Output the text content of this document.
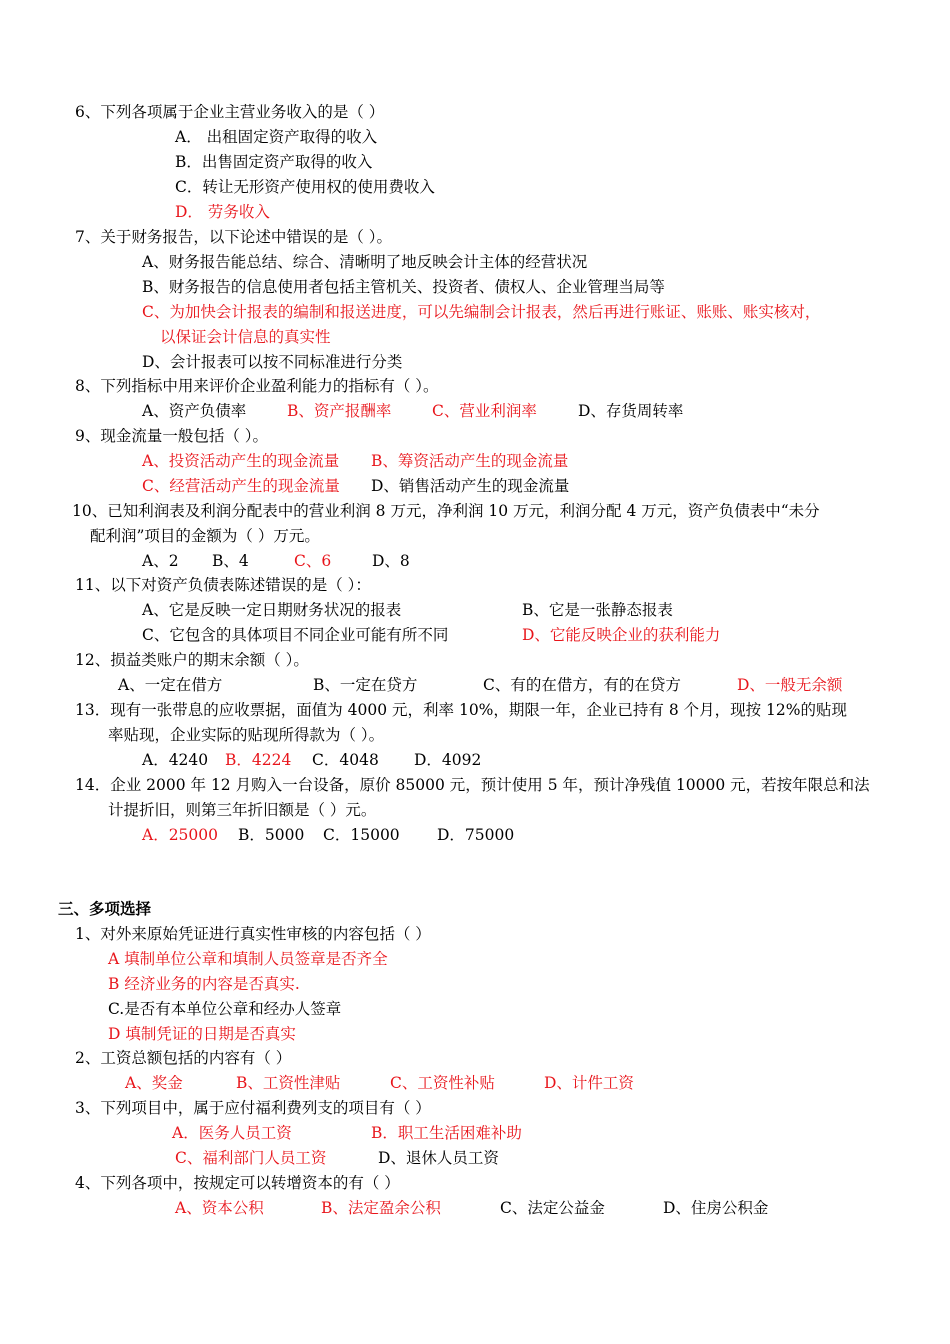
6、下列各项属于企业主营业务收入的是（ ）
A． 出租固定资产取得的收入
B．出售固定资产取得的收入
C．转让无形资产使用权的使用费收入
D． 劳务收入
7、关于财务报告，以下论述中错误的是（ ）。
A、财务报告能总结、综合、清晰明了地反映会计主体的经营状况
B、财务报告的信息使用者包括主管机关、投资者、债权人、企业管理当局等
C、为加快会计报表的编制和报送进度，可以先编制会计报表，然后再进行账证、账账、账实核对，
以保证会计信息的真实性
D、会计报表可以按不同标准进行分类
8、下列指标中用来评价企业盈利能力的指标有（ ）。
A、资产负债率	B、资产报酬率	C、营业利润率	D、存货周转率
9、现金流量一般包括（ ）。
A、投资活动产生的现金流量 B、筹资活动产生的现金流量
C、经营活动产生的现金流量 D、销售活动产生的现金流量
10、已知利润表及利润分配表中的营业利润 8 万元，净利润 10 万元，利润分配 4 万元，资产负债表中“未分
配利润”项目的金额为（ ）万元。
A、2 B、4	C、6	D、8
11、以下对资产负债表陈述错误的是（ ）：
A、它是反映一定日期财务状况的报表	B、它是一张静态报表
C、它包含的具体项目不同企业可能有所不同	D、它能反映企业的获利能力
12、损益类账户的期末余额（ ）。
A、一定在借方	B、一定在贷方	C、有的在借方，有的在贷方	D、一般无余额
13．现有一张带息的应收票据，面值为 4000 元，利率 10%，期限一年，企业已持有 8 个月，现按 12%的贴现
率贴现，企业实际的贴现所得款为（ ）。
A．4240 B．4224 C．4048 D．4092
14．企业 2000 年 12 月购入一台设备，原价 85000 元，预计使用 5 年，预计净残值 10000 元，若按年限总和法
计提折旧，则第三年折旧额是（ ）元。
A．25000 B．5000 C．15000 D．75000
三、多项选择
1、对外来原始凭证进行真实性审核的内容包括（ ）
A 填制单位公章和填制人员签章是否齐全
B 经济业务的内容是否真实.
C.是否有本单位公章和经办人签章
D 填制凭证的日期是否真实
2、工资总额包括的内容有（ ）
A、奖金	B、工资性津贴	C、工资性补贴	D、计件工资
3、下列项目中，属于应付福利费列支的项目有（ ）
A．医务人员工资	B．职工生活困难补助
C、福利部门人员工资	D、退休人员工资
4、下列各项中，按规定可以转增资本的有（ ）
A、资本公积	B、法定盈余公积	C、法定公益金	D、住房公积金
